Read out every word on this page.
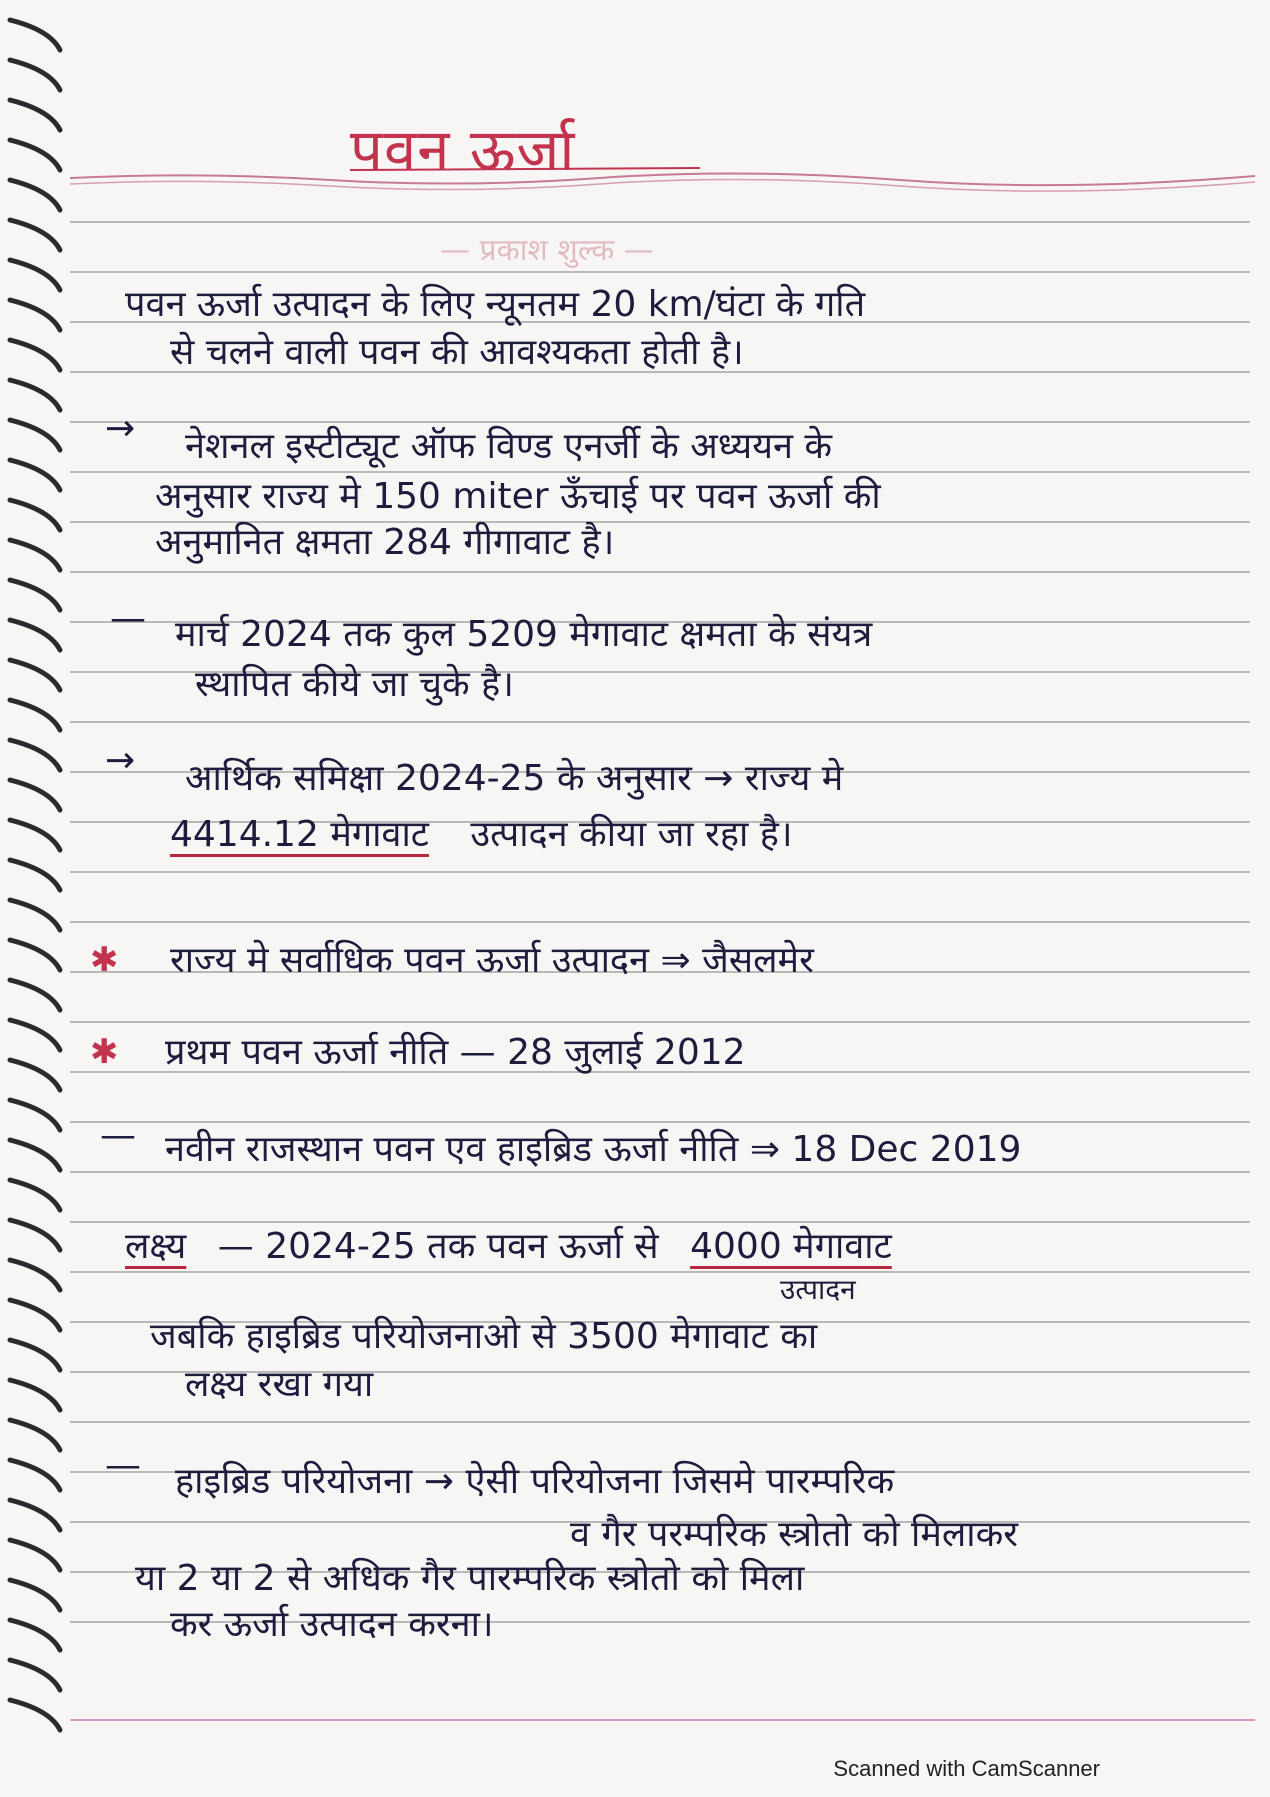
पवन ऊर्जा
— प्रकाश शुल्क —
पवन ऊर्जा उत्पादन के लिए न्यूनतम 20 km/घंटा के गति
से चलने वाली पवन की आवश्यकता होती है।
→ नेशनल इस्टीट्यूट ऑफ विण्ड एनर्जी के अध्ययन के
अनुसार राज्य मे 150 miter ऊँचाई पर पवन ऊर्जा की
अनुमानित क्षमता 284 गीगावाट है।
— मार्च 2024 तक कुल 5209 मेगावाट क्षमता के संयत्र
स्थापित कीये जा चुके है।
→ आर्थिक समिक्षा 2024-25 के अनुसार → राज्य मे
4414.12 मेगावाट उत्पादन कीया जा रहा है।
✱ राज्य मे सर्वाधिक पवन ऊर्जा उत्पादन ⇒ जैसलमेर
✱ प्रथम पवन ऊर्जा नीति — 28 जुलाई 2012
— नवीन राजस्थान पवन एव हाइब्रिड ऊर्जा नीति ⇒ 18 Dec 2019
लक्ष्य — 2024-25 तक पवन ऊर्जा से 4000 मेगावाट
उत्पादन
जबकि हाइब्रिड परियोजनाओ से 3500 मेगावाट का
लक्ष्य रखा गया
— हाइब्रिड परियोजना → ऐसी परियोजना जिसमे पारम्परिक
व गैर परम्परिक स्त्रोतो को मिलाकर
या 2 या 2 से अधिक गैर पारम्परिक स्त्रोतो को मिला
कर ऊर्जा उत्पादन करना।
Scanned with CamScanner
